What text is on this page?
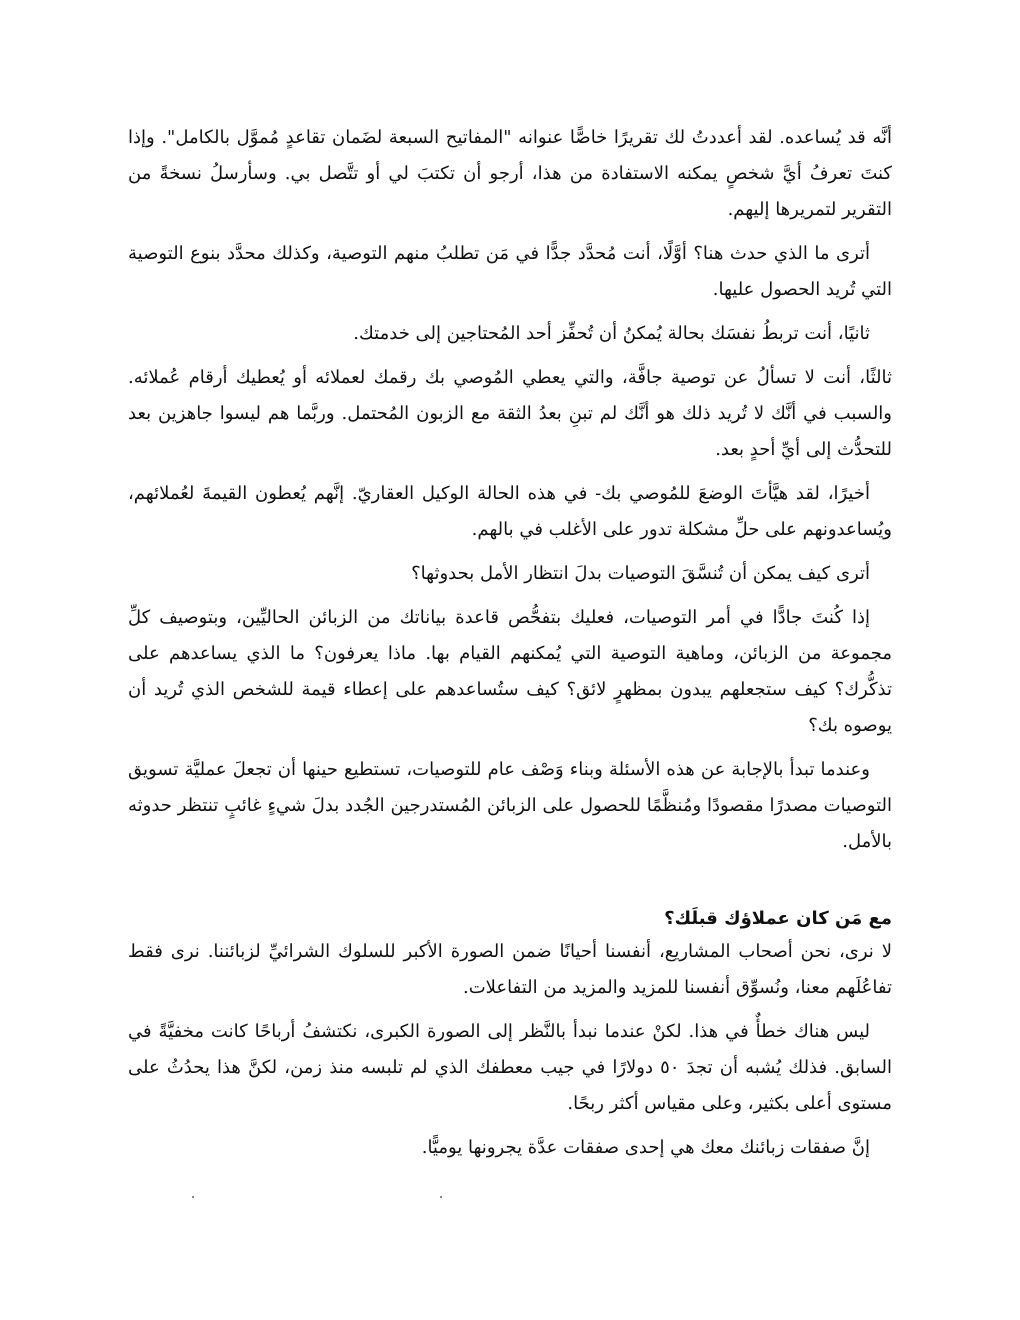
أنَّه قد يُساعده. لقد أعددتُ لك تقريرًا خاصًّا عنوانه "المفاتيح السبعة لضَمان تقاعدٍ مُموَّل بالكامل". وإذا كنتَ تعرفُ أيَّ شخصٍ يمكنه الاستفادة من هذا، أرجو أن تكتبَ لي أو تتَّصل بي. وسأرسلُ نسخةً من التقرير لتمريرها إليهم.

أترى ما الذي حدث هنا؟ أوَّلًا، أنت مُحدَّد جدًّا في مَن تطلبُ منهم التوصية، وكذلك محدَّد بنوع التوصية التي تُريد الحصول عليها.

ثانيًا، أنت تربطُ نفسَك بحالة يُمكنُ أن تُحفِّز أحد المُحتاجين إلى خدمتك.

ثالثًا، أنت لا تسألُ عن توصية جافَّة، والتي يعطي المُوصي بك رقمك لعملائه أو يُعطيك أرقام عُملائه. والسبب في أنَّك لا تُريد ذلك هو أنَّك لم تبنِ بعدُ الثقة مع الزبون المُحتمل. وربَّما هم ليسوا جاهزين بعد للتحدُّث إلى أيِّ أحدٍ بعد.

أخيرًا، لقد هيَّأتَ الوضعَ للمُوصي بك- في هذه الحالة الوكيل العقاريّ. إنَّهم يُعطون القيمةَ لعُملائهم، ويُساعدونهم على حلِّ مشكلة تدور على الأغلب في بالهم.

أترى كيف يمكن أن تُنسَّقَ التوصيات بدلَ انتظار الأمل بحدوثها؟

إذا كُنتَ جادًّا في أمر التوصيات، فعليك بتفحُّص قاعدة بياناتك من الزبائن الحاليِّين، وبتوصيف كلِّ مجموعة من الزبائن، وماهية التوصية التي يُمكنهم القيام بها. ماذا يعرفون؟ ما الذي يساعدهم على تذكُّرك؟ كيف ستجعلهم يبدون بمظهرٍ لائق؟ كيف ستُساعدهم على إعطاء قيمة للشخص الذي تُريد أن يوصوه بك؟

وعندما تبدأ بالإجابة عن هذه الأسئلة وبناء وَصْف عام للتوصيات، تستطيع حينها أن تجعلَ عمليَّة تسويق التوصيات مصدرًا مقصودًا ومُنظَّمًا للحصول على الزبائن المُستدرجين الجُدد بدلَ شيءٍ غائبٍ تنتظر حدوثه بالأمل.

مع مَن كان عملاؤك قبلَك؟

لا نرى، نحن أصحاب المشاريع، أنفسنا أحيانًا ضمن الصورة الأكبر للسلوك الشرائيِّ لزبائننا. نرى فقط تفاعُلَهم معنا، ونُسوِّق أنفسنا للمزيد والمزيد من التفاعلات.

ليس هناك خطأٌ في هذا. لكنْ عندما نبدأ بالنَّظر إلى الصورة الكبرى، نكتشفُ أرباحًا كانت مخفيَّةً في السابق. فذلك يُشبه أن تجدَ ٥٠ دولارًا في جيب معطفك الذي لم تلبسه منذ زمن، لكنَّ هذا يحدُثُ على مستوى أعلى بكثير، وعلى مقياس أكثر ربحًا.

إنَّ صفقات زبائنك معك هي إحدى صفقات عدَّة يجرونها يوميًّا.
